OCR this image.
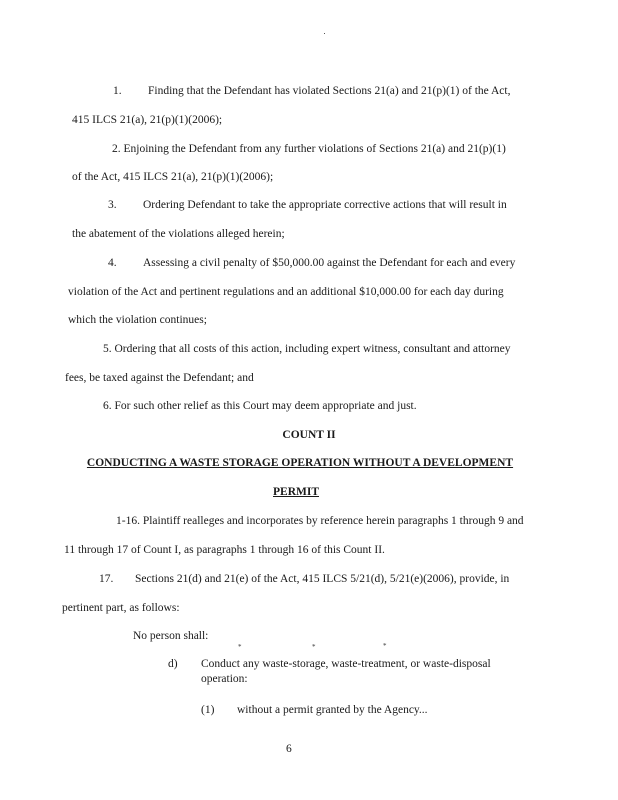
1. Finding that the Defendant has violated Sections 21(a) and 21(p)(1) of the Act,
415 ILCS 21(a), 21(p)(1)(2006);
2. Enjoining the Defendant from any further violations of Sections 21(a) and 21(p)(1)
of the Act, 415 ILCS 21(a), 21(p)(1)(2006);
3. Ordering Defendant to take the appropriate corrective actions that will result in
the abatement of the violations alleged herein;
4. Assessing a civil penalty of $50,000.00 against the Defendant for each and every
violation of the Act and pertinent regulations and an additional $10,000.00 for each day during
which the violation continues;
5. Ordering that all costs of this action, including expert witness, consultant and attorney
fees, be taxed against the Defendant; and
6. For such other relief as this Court may deem appropriate and just.
COUNT II
CONDUCTING A WASTE STORAGE OPERATION WITHOUT A DEVELOPMENT
PERMIT
1-16. Plaintiff realleges and incorporates by reference herein paragraphs 1 through 9 and
11 through 17 of Count I, as paragraphs 1 through 16 of this Count II.
17. Sections 21(d) and 21(e) of the Act, 415 ILCS 5/21(d), 5/21(e)(2006), provide, in
pertinent part, as follows:
No person shall:
*	*	*
d) Conduct any waste-storage, waste-treatment, or waste-disposal
operation:
(1) without a permit granted by the Agency...
6
